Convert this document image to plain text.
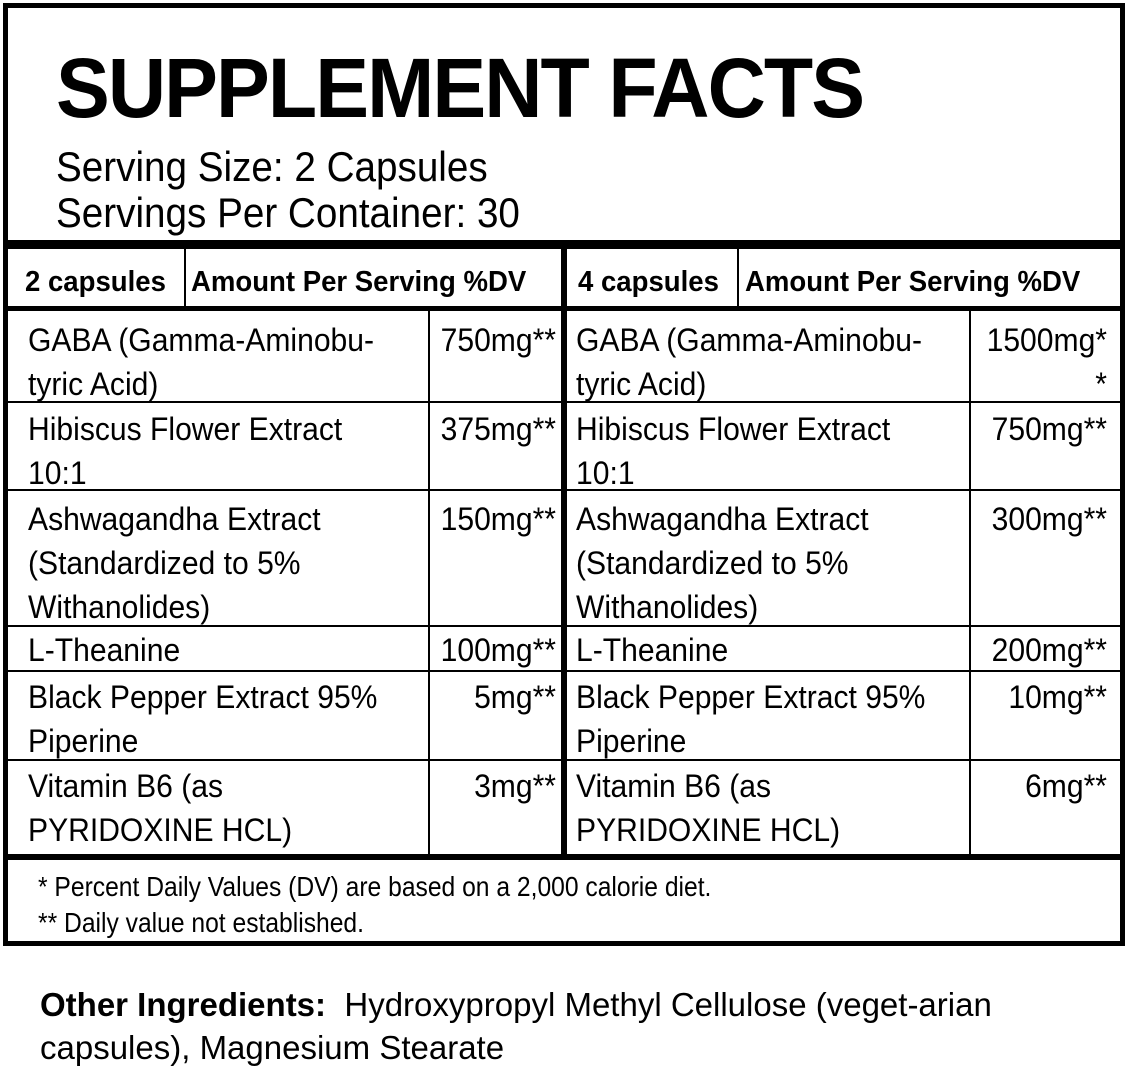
SUPPLEMENT FACTS
Serving Size: 2 Capsules
Servings Per Container: 30
2 capsules Amount Per Serving %DV 4 capsules Amount Per Serving %DV
GABA (Gamma-Aminobu-
tyric Acid)
750mg** GABA (Gamma-Aminobu-
tyric Acid)
1500mg*
*
Hibiscus Flower Extract
10:1
375mg** Hibiscus Flower Extract
10:1
750mg**
Ashwagandha Extract
(Standardized to 5%
Withanolides)
150mg** Ashwagandha Extract
(Standardized to 5%
Withanolides)
300mg**
L-Theanine	100mg** L-Theanine	200mg**
Black Pepper Extract 95%
Piperine
5mg** Black Pepper Extract 95%
Piperine
10mg**
Vitamin B6 (as
PYRIDOXINE HCL)
3mg** Vitamin B6 (as
PYRIDOXINE HCL)
6mg**
* Percent Daily Values (DV) are based on a 2,000 calorie diet.
** Daily value not established.
Other Ingredients: Hydroxypropyl Methyl Cellulose (veget-arian capsules), Magnesium Stearate
